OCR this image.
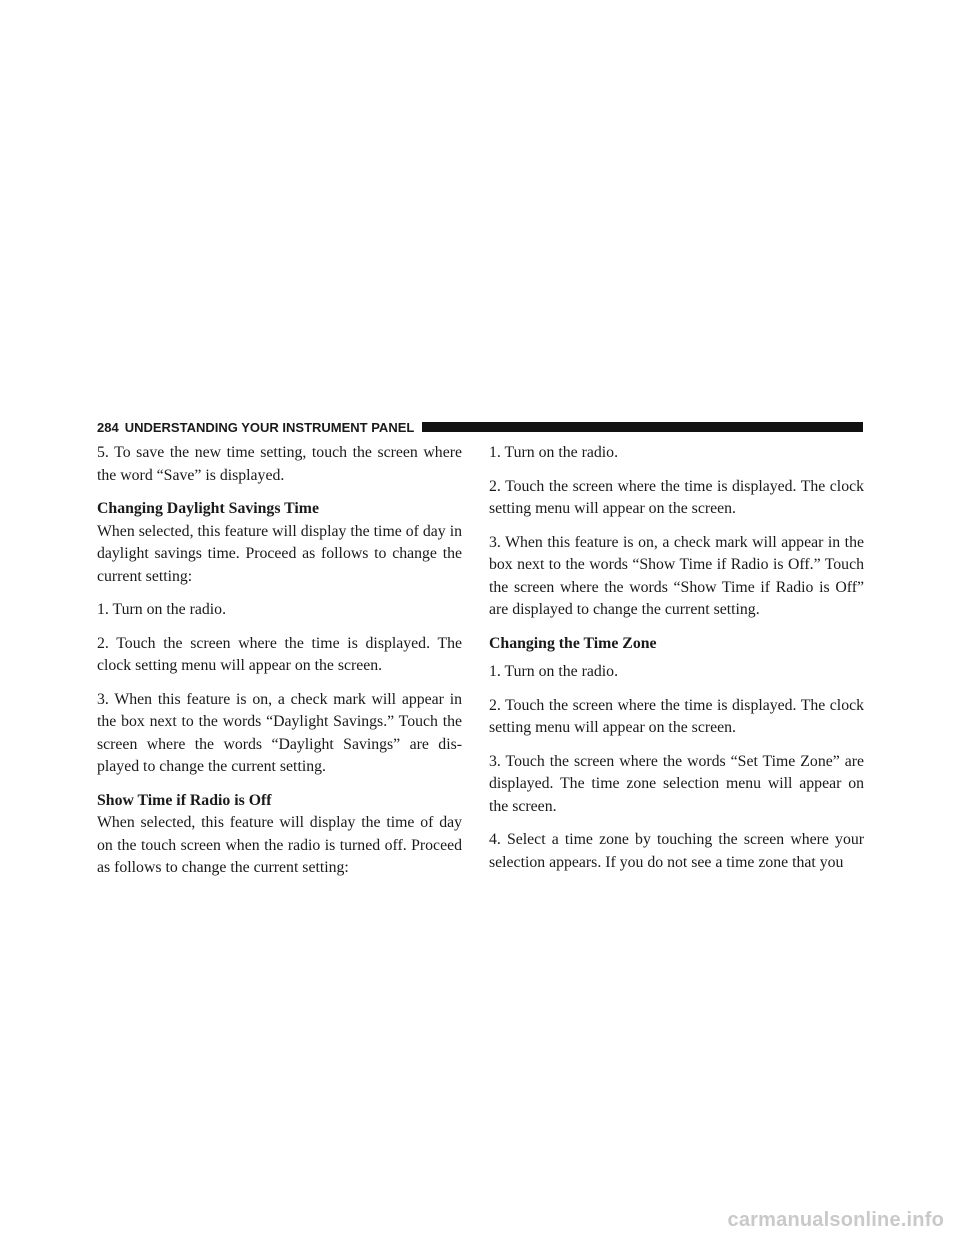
284 UNDERSTANDING YOUR INSTRUMENT PANEL

5. To save the new time setting, touch the screen where the word “Save” is displayed.

Changing Daylight Savings Time

When selected, this feature will display the time of day in daylight savings time. Proceed as follows to change the current setting:

1. Turn on the radio.

2. Touch the screen where the time is displayed. The clock setting menu will appear on the screen.

3. When this feature is on, a check mark will appear in the box next to the words “Daylight Savings.” Touch the screen where the words “Daylight Savings” are dis-played to change the current setting.

Show Time if Radio is Off

When selected, this feature will display the time of day on the touch screen when the radio is turned off. Proceed as follows to change the current setting:

1. Turn on the radio.

2. Touch the screen where the time is displayed. The clock setting menu will appear on the screen.

3. When this feature is on, a check mark will appear in the box next to the words “Show Time if Radio is Off.” Touch the screen where the words “Show Time if Radio is Off” are displayed to change the current setting.

Changing the Time Zone

1. Turn on the radio.

2. Touch the screen where the time is displayed. The clock setting menu will appear on the screen.

3. Touch the screen where the words “Set Time Zone” are displayed. The time zone selection menu will appear on the screen.

4. Select a time zone by touching the screen where your selection appears. If you do not see a time zone that you

carmanualsonline.info
